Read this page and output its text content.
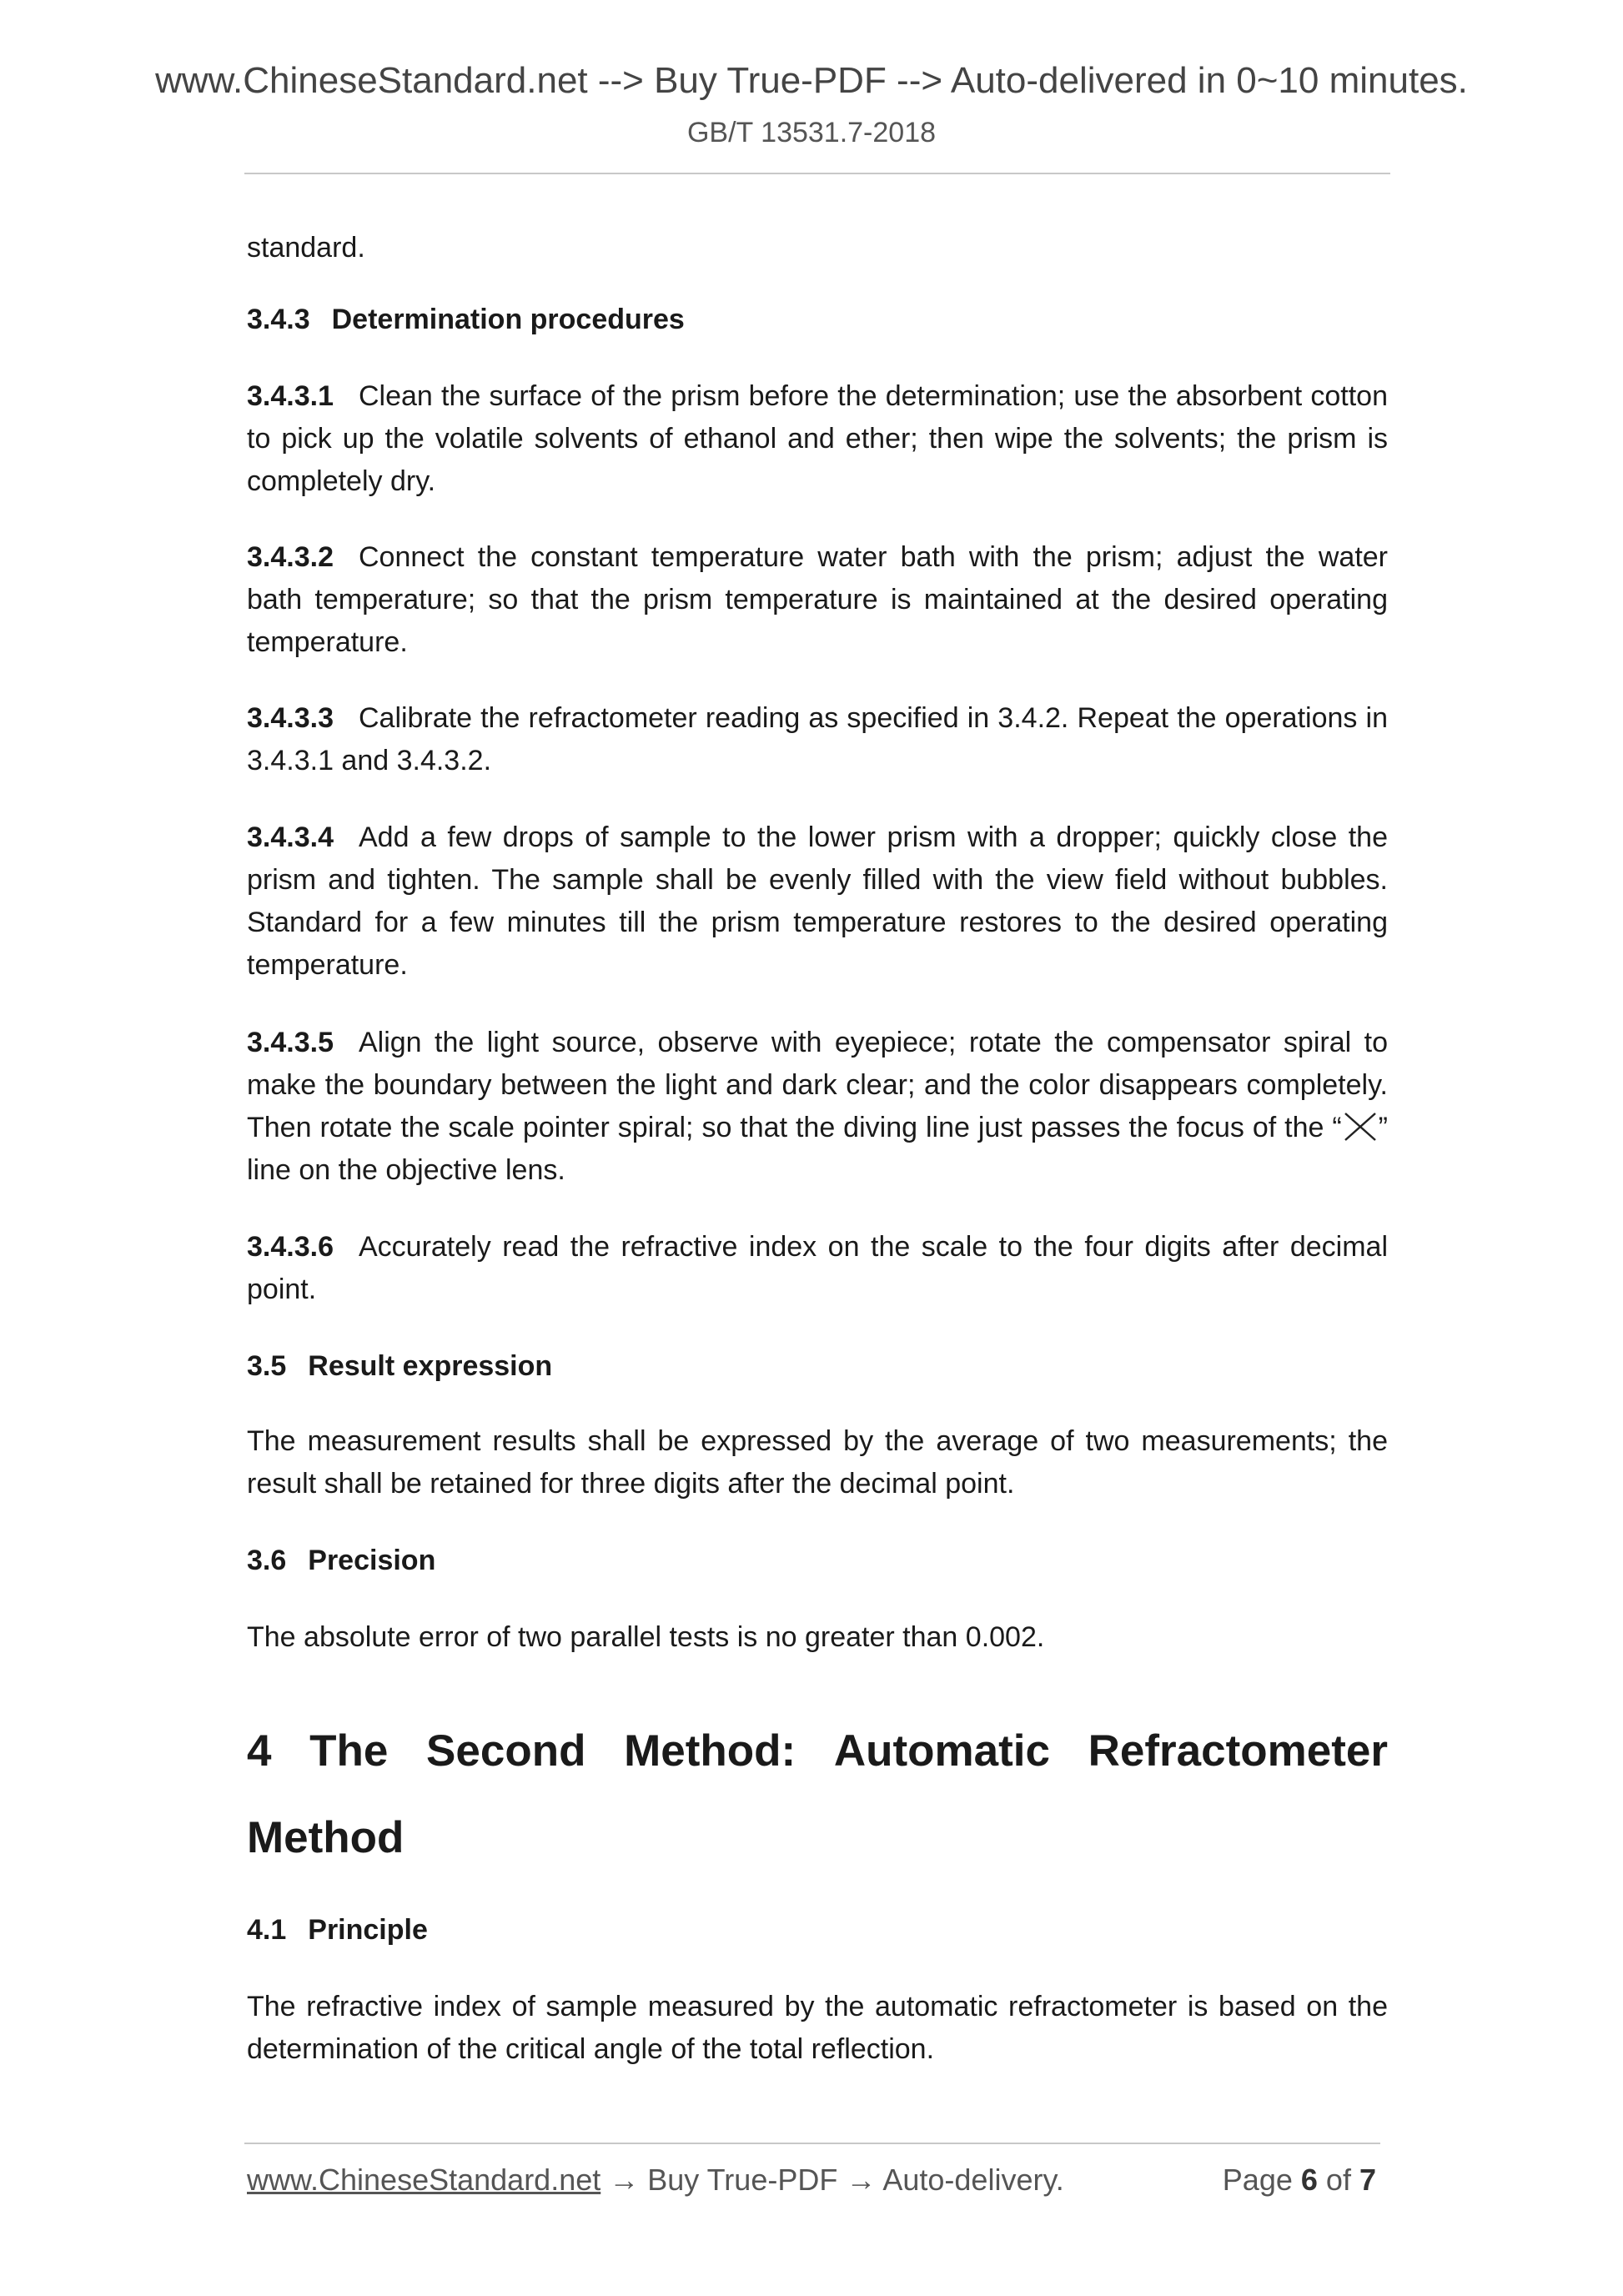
www.ChineseStandard.net --> Buy True-PDF --> Auto-delivered in 0~10 minutes.
GB/T 13531.7-2018
standard.
3.4.3 Determination procedures
3.4.3.1 Clean the surface of the prism before the determination; use the absorbent cotton to pick up the volatile solvents of ethanol and ether; then wipe the solvents; the prism is completely dry.
3.4.3.2 Connect the constant temperature water bath with the prism; adjust the water bath temperature; so that the prism temperature is maintained at the desired operating temperature.
3.4.3.3 Calibrate the refractometer reading as specified in 3.4.2. Repeat the operations in 3.4.3.1 and 3.4.3.2.
3.4.3.4 Add a few drops of sample to the lower prism with a dropper; quickly close the prism and tighten. The sample shall be evenly filled with the view field without bubbles. Standard for a few minutes till the prism temperature restores to the desired operating temperature.
3.4.3.5 Align the light source, observe with eyepiece; rotate the compensator spiral to make the boundary between the light and dark clear; and the color disappears completely. Then rotate the scale pointer spiral; so that the diving line just passes the focus of the “ ” line on the objective lens.
3.4.3.6 Accurately read the refractive index on the scale to the four digits after decimal point.
3.5 Result expression
The measurement results shall be expressed by the average of two measurements; the result shall be retained for three digits after the decimal point.
3.6 Precision
The absolute error of two parallel tests is no greater than 0.002.
4 The Second Method: Automatic Refractometer
Method
4.1 Principle
The refractive index of sample measured by the automatic refractometer is based on the determination of the critical angle of the total reflection.
www.ChineseStandard.net → Buy True-PDF → Auto-delivery.	Page 6 of 7
